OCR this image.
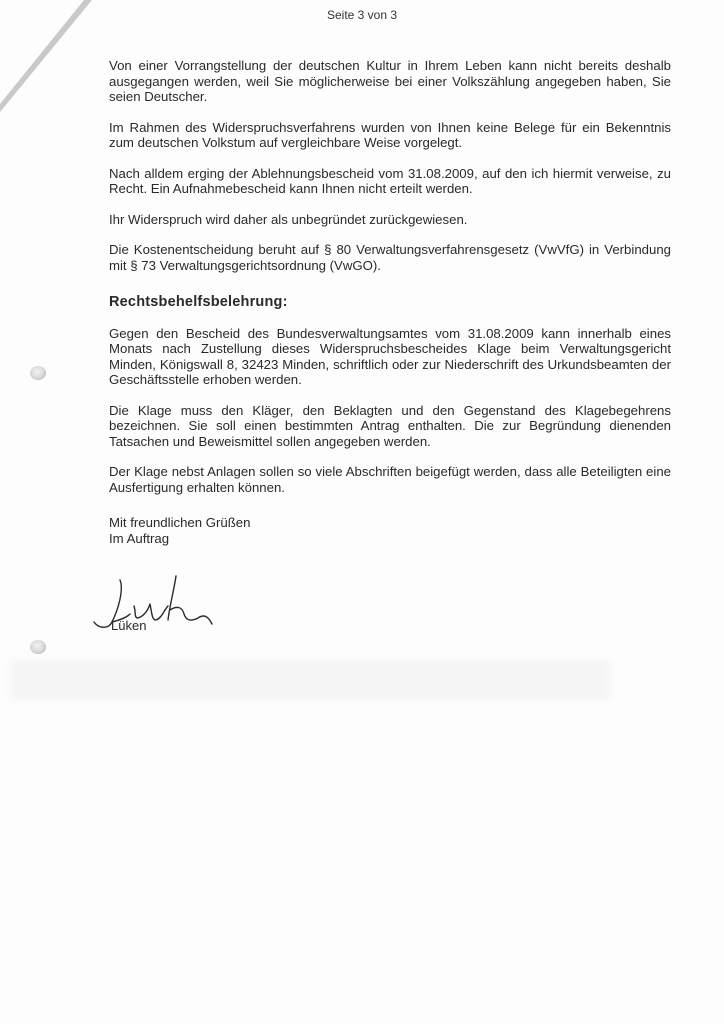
Seite 3 von 3

Von einer Vorrangstellung der deutschen Kultur in Ihrem Leben kann nicht bereits deshalb ausgegangen werden, weil Sie möglicherweise bei einer Volkszählung angegeben haben, Sie seien Deutscher.

Im Rahmen des Widerspruchsverfahrens wurden von Ihnen keine Belege für ein Bekenntnis zum deutschen Volkstum auf vergleichbare Weise vorgelegt.

Nach alldem erging der Ablehnungsbescheid vom 31.08.2009, auf den ich hiermit verweise, zu Recht. Ein Aufnahmebescheid kann Ihnen nicht erteilt werden.

Ihr Widerspruch wird daher als unbegründet zurückgewiesen.

Die Kostenentscheidung beruht auf § 80 Verwaltungsverfahrensgesetz (VwVfG) in Verbindung mit § 73 Verwaltungsgerichtsordnung (VwGO).

Rechtsbehelfsbelehrung:

Gegen den Bescheid des Bundesverwaltungsamtes vom 31.08.2009 kann innerhalb eines Monats nach Zustellung dieses Widerspruchsbescheides Klage beim Verwaltungsgericht Minden, Königswall 8, 32423 Minden, schriftlich oder zur Niederschrift des Urkundsbeamten der Geschäftsstelle erhoben werden.

Die Klage muss den Kläger, den Beklagten und den Gegenstand des Klagebegehrens bezeichnen. Sie soll einen bestimmten Antrag enthalten. Die zur Begründung dienenden Tatsachen und Beweismittel sollen angegeben werden.

Der Klage nebst Anlagen sollen so viele Abschriften beigefügt werden, dass alle Beteiligten eine Ausfertigung erhalten können.

Mit freundlichen Grüßen
Im Auftrag
Lüken
